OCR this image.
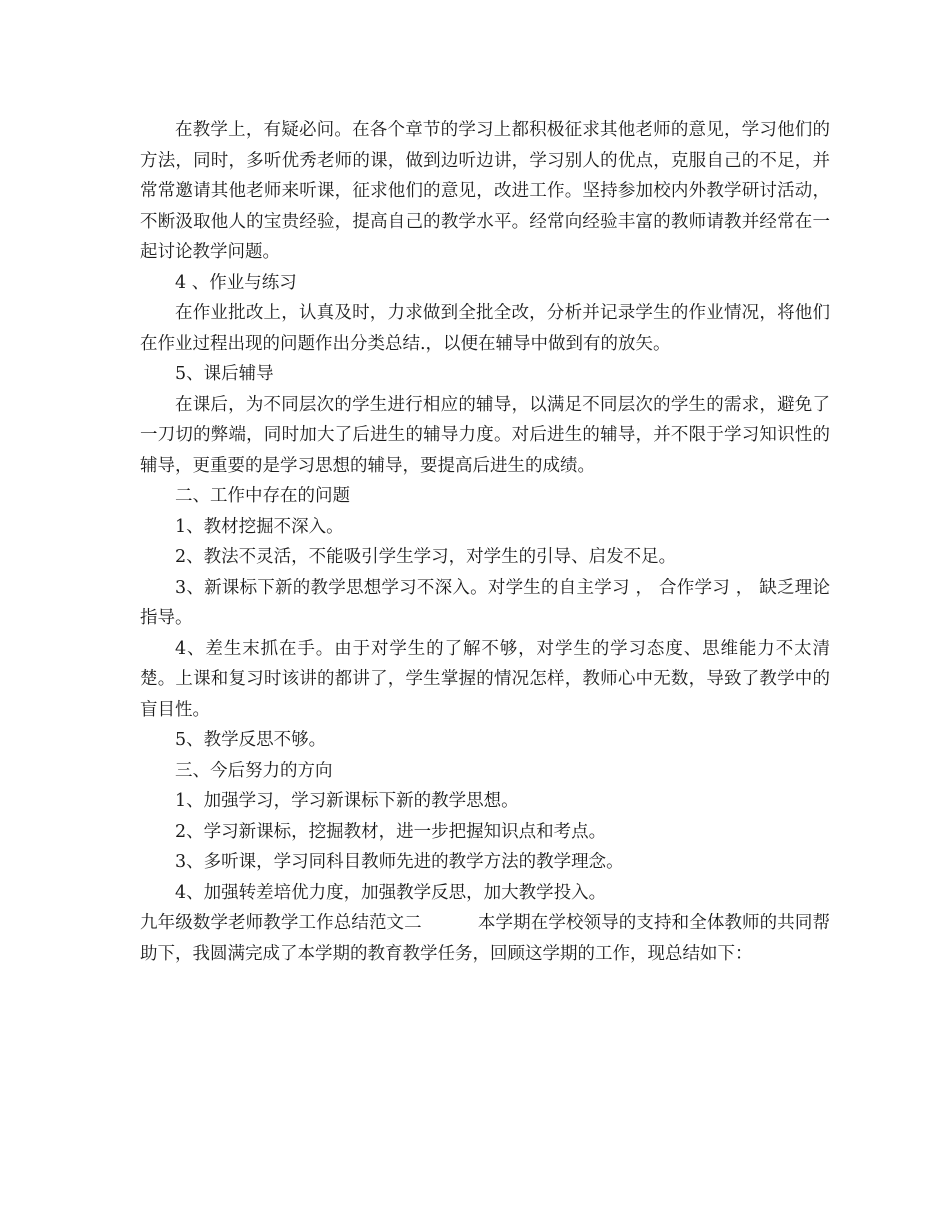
在教学上，有疑必问。在各个章节的学习上都积极征求其他老师的意见，学习他们的方法，同时，多听优秀老师的课，做到边听边讲，学习别人的优点，克服自己的不足，并常常邀请其他老师来听课，征求他们的意见，改进工作。坚持参加校内外教学研讨活动，不断汲取他人的宝贵经验，提高自己的教学水平。经常向经验丰富的教师请教并经常在一起讨论教学问题。

4 、作业与练习

在作业批改上，认真及时，力求做到全批全改，分析并记录学生的作业情况，将他们在作业过程出现的问题作出分类总结.，以便在辅导中做到有的放矢。

5、课后辅导

在课后，为不同层次的学生进行相应的辅导，以满足不同层次的学生的需求，避免了一刀切的弊端，同时加大了后进生的辅导力度。对后进生的辅导，并不限于学习知识性的辅导，更重要的是学习思想的辅导，要提高后进生的成绩。

二、工作中存在的问题

1、教材挖掘不深入。

2、教法不灵活，不能吸引学生学习，对学生的引导、启发不足。

3、新课标下新的教学思想学习不深入。对学生的自主学习 ， 合作学习 ， 缺乏理论指导。

4、差生末抓在手。由于对学生的了解不够，对学生的学习态度、思维能力不太清楚。上课和复习时该讲的都讲了，学生掌握的情况怎样，教师心中无数，导致了教学中的盲目性。

5、教学反思不够。

三、今后努力的方向

1、加强学习，学习新课标下新的教学思想。

2、学习新课标，挖掘教材，进一步把握知识点和考点。

3、多听课，学习同科目教师先进的教学方法的教学理念。

4、加强转差培优力度，加强教学反思，加大教学投入。

九年级数学老师教学工作总结范文二	本学期在学校领导的支持和全体教师的共同帮助下，我圆满完成了本学期的教育教学任务，回顾这学期的工作，现总结如下：
